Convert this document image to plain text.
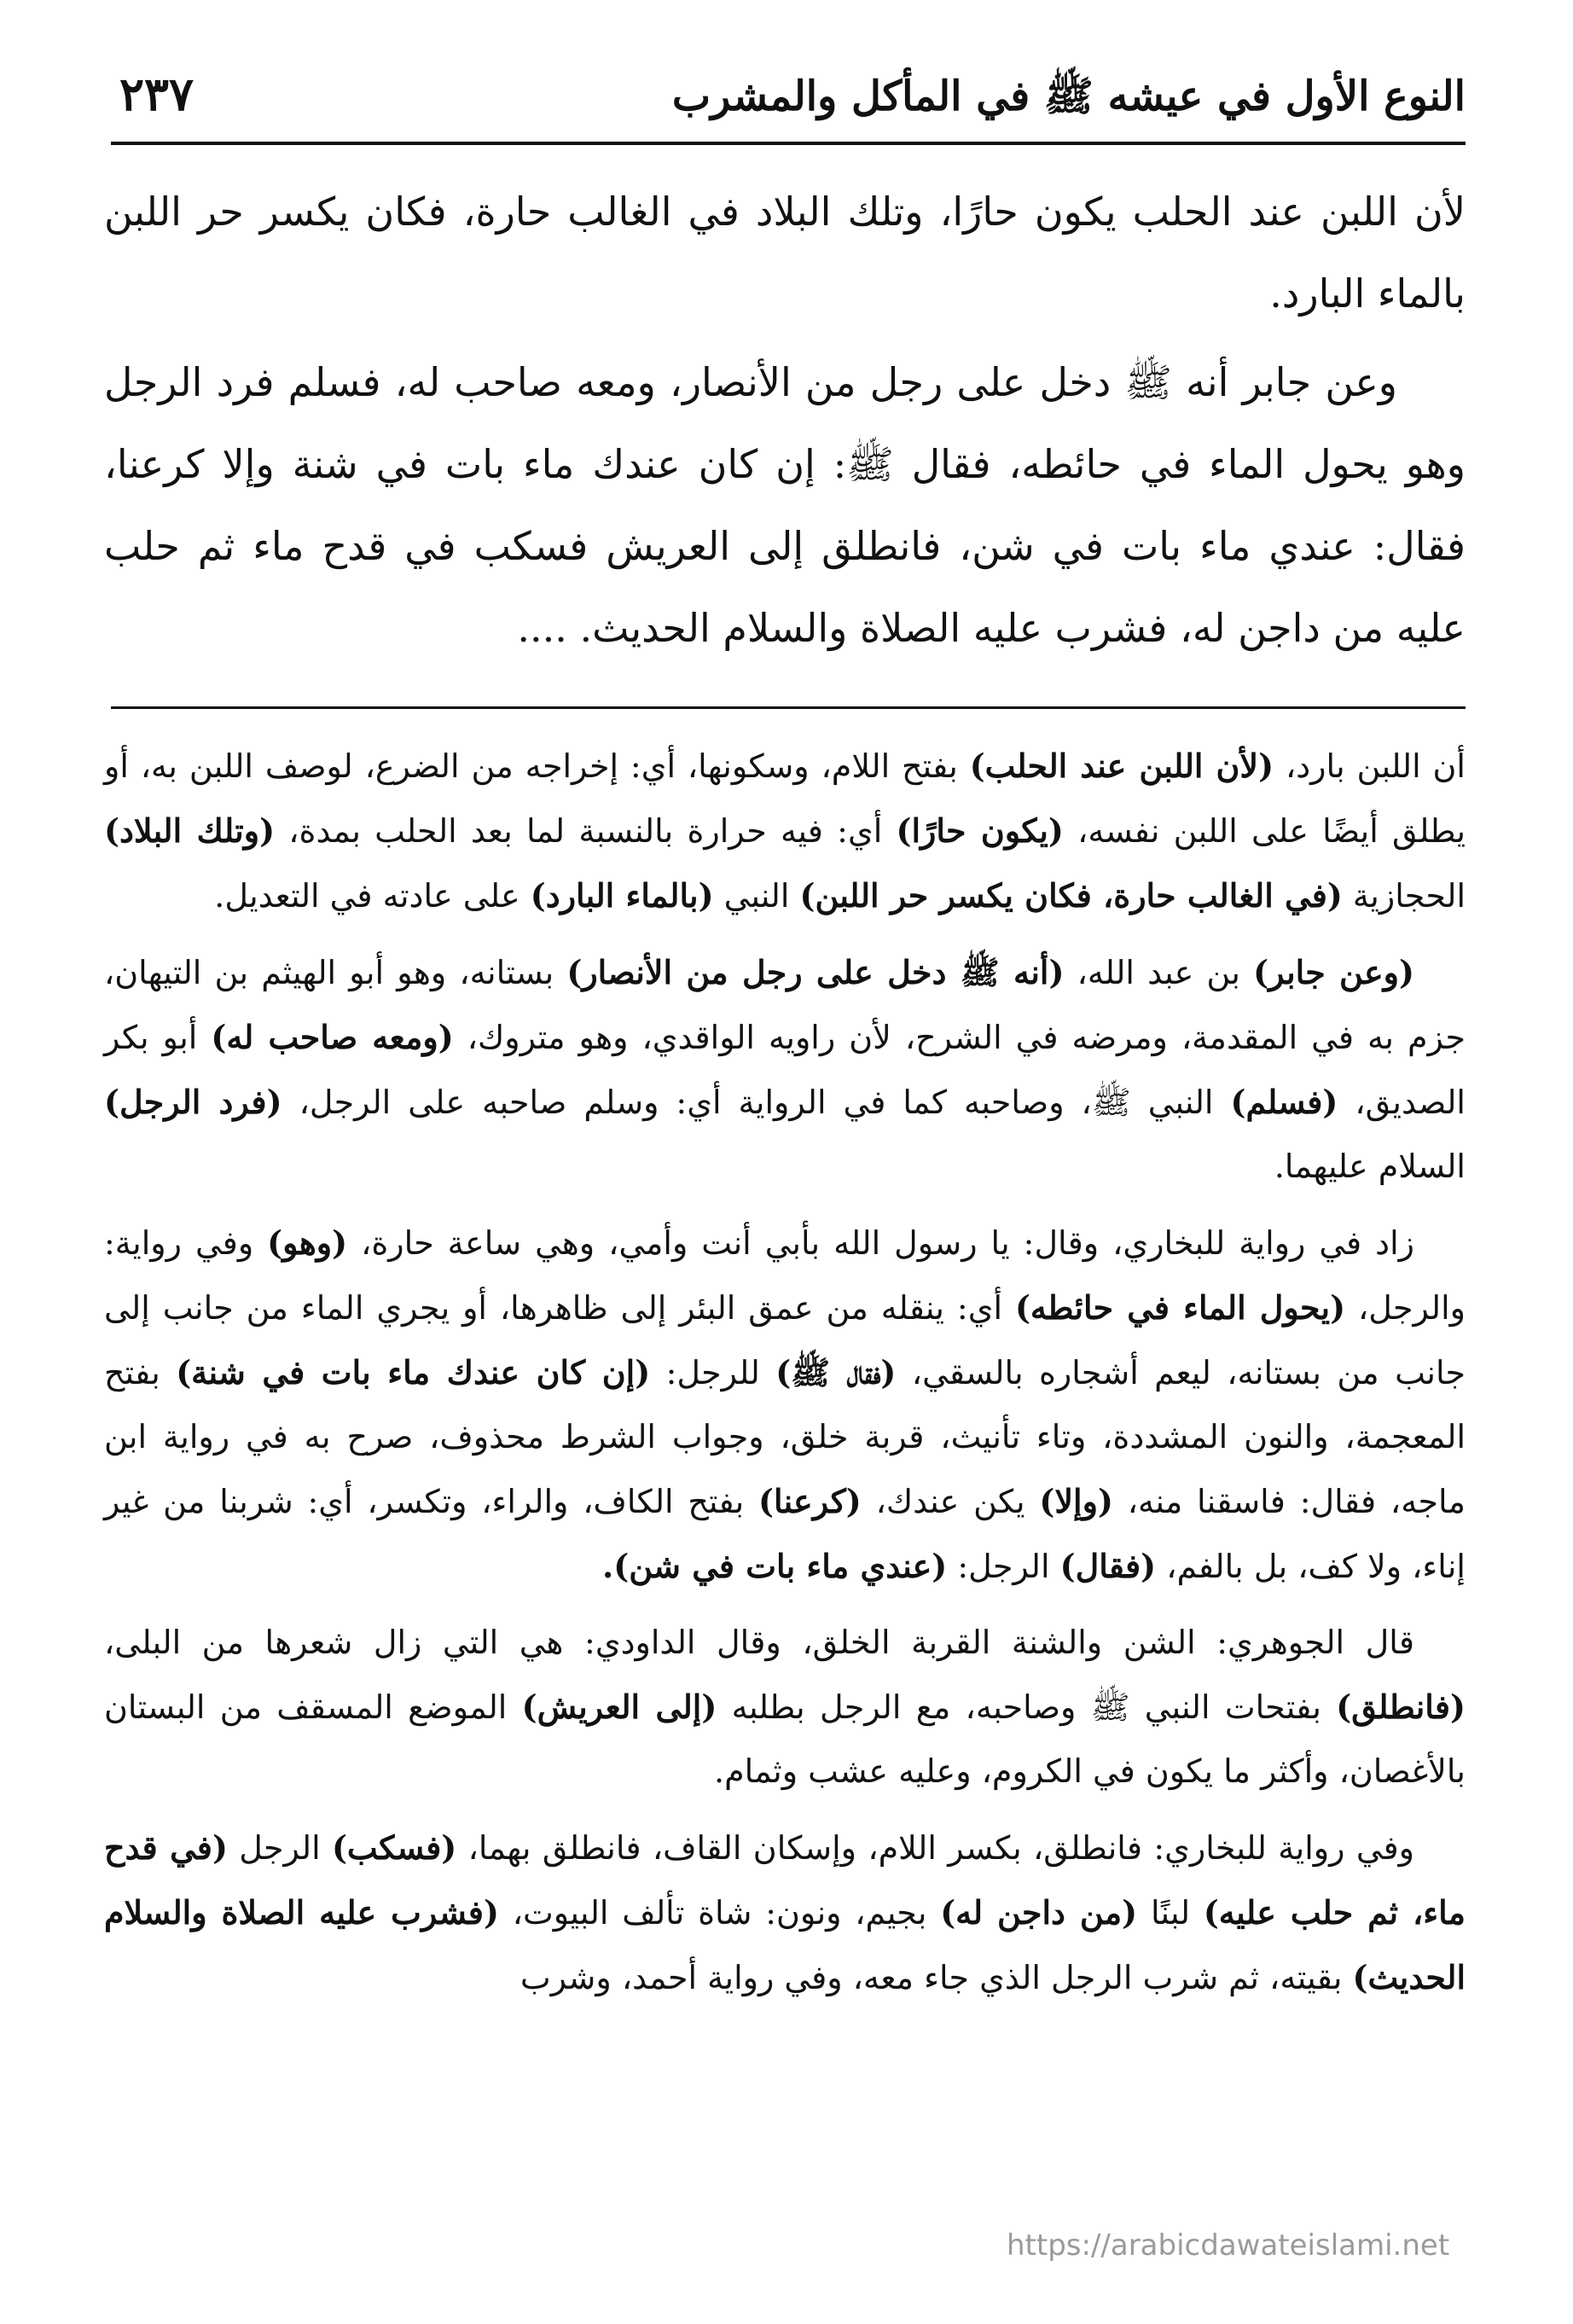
النوع الأول في عيشه ﷺ في المأكل والمشرب
٢٣٧

لأن اللبن عند الحلب يكون حارًا، وتلك البلاد في الغالب حارة، فكان يكسر حر اللبن بالماء البارد.

وعن جابر أنه ﷺ دخل على رجل من الأنصار، ومعه صاحب له، فسلم فرد الرجل وهو يحول الماء في حائطه، فقال ﷺ: إن كان عندك ماء بات في شنة وإلا كرعنا، فقال: عندي ماء بات في شن، فانطلق إلى العريش فسكب في قدح ماء ثم حلب عليه من داجن له، فشرب عليه الصلاة والسلام الحديث. ....

أن اللبن بارد، (لأن اللبن عند الحلب) بفتح اللام، وسكونها، أي: إخراجه من الضرع، لوصف اللبن به، أو يطلق أيضًا على اللبن نفسه، (يكون حارًا) أي: فيه حرارة بالنسبة لما بعد الحلب بمدة، (وتلك البلاد) الحجازية (في الغالب حارة، فكان يكسر حر اللبن) النبي (بالماء البارد) على عادته في التعديل.

(وعن جابر) بن عبد الله، (أنه ﷺ دخل على رجل من الأنصار) بستانه، وهو أبو الهيثم بن التيهان، جزم به في المقدمة، ومرضه في الشرح، لأن راويه الواقدي، وهو متروك، (ومعه صاحب له) أبو بكر الصديق، (فسلم) النبي ﷺ، وصاحبه كما في الرواية أي: وسلم صاحبه على الرجل، (فرد الرجل) السلام عليهما.

زاد في رواية للبخاري، وقال: يا رسول الله بأبي أنت وأمي، وهي ساعة حارة، (وهو) وفي رواية: والرجل، (يحول الماء في حائطه) أي: ينقله من عمق البئر إلى ظاهرها، أو يجري الماء من جانب إلى جانب من بستانه، ليعم أشجاره بالسقي، (فقال ﷺ) للرجل: (إن كان عندك ماء بات في شنة) بفتح المعجمة، والنون المشددة، وتاء تأنيث، قربة خلق، وجواب الشرط محذوف، صرح به في رواية ابن ماجه، فقال: فاسقنا منه، (وإلا) يكن عندك، (كرعنا) بفتح الكاف، والراء، وتكسر، أي: شربنا من غير إناء، ولا كف، بل بالفم، (فقال) الرجل: (عندي ماء بات في شن).

قال الجوهري: الشن والشنة القربة الخلق، وقال الداودي: هي التي زال شعرها من البلى، (فانطلق) بفتحات النبي ﷺ وصاحبه، مع الرجل بطلبه (إلى العريش) الموضع المسقف من البستان بالأغصان، وأكثر ما يكون في الكروم، وعليه عشب وثمام.

وفي رواية للبخاري: فانطلق، بكسر اللام، وإسكان القاف، فانطلق بهما، (فسكب) الرجل (في قدح ماء، ثم حلب عليه) لبنًا (من داجن له) بجيم، ونون: شاة تألف البيوت، (فشرب عليه الصلاة والسلام الحديث) بقيته، ثم شرب الرجل الذي جاء معه، وفي رواية أحمد، وشرب

https://arabicdawateislami.net
